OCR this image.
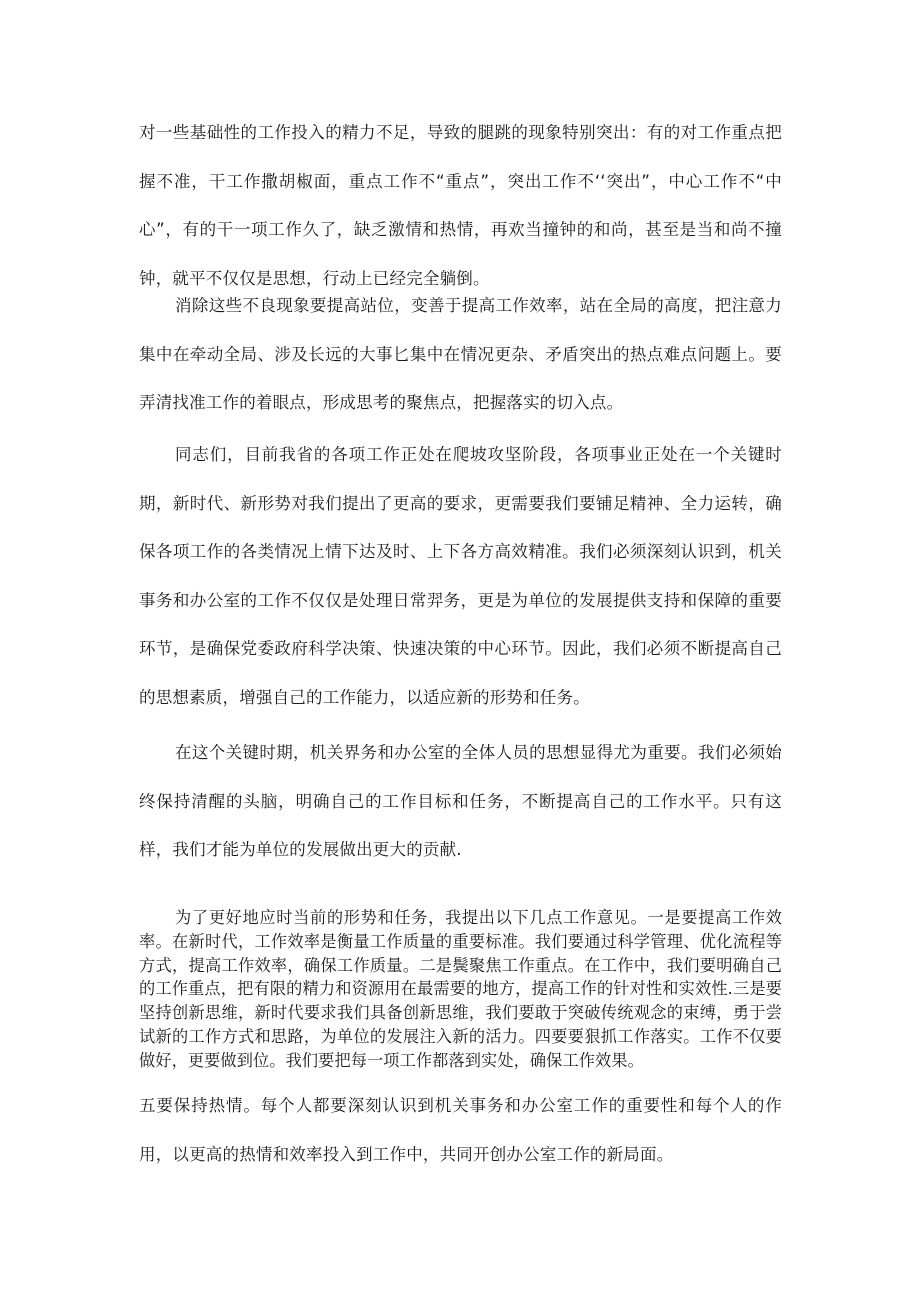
对一些基础性的工作投入的精力不足，导致的腿跳的现象特别突出：有的对工作重点把握不准，干工作撒胡椒面，重点工作不“重点”，突出工作不‘‘突出”，中心工作不“中心”，有的干一项工作久了，缺乏激情和热情，再欢当撞钟的和尚，甚至是当和尚不撞钟，就平不仅仅是思想，行动上已经完全躺倒。

消除这些不良现象要提高站位，变善于提高工作效率，站在全局的高度，把注意力集中在牵动全局、涉及长远的大事匕集中在情况更杂、矛盾突出的热点难点问题上。要弄清找准工作的着眼点，形成思考的聚焦点，把握落实的切入点。

同志们，目前我省的各项工作正处在爬坡攻坚阶段，各项事业正处在一个关键时期，新时代、新形势对我们提出了更高的要求，更需要我们要铺足精神、全力运转，确保各项工作的各类情况上情下达及时、上下各方高效精准。我们必须深刻认识到，机关事务和办公室的工作不仅仅是处理日常羿务，更是为单位的发展提供支持和保障的重要环节，是确保党委政府科学决策、快速决策的中心环节。因此，我们必须不断提高自己的思想素质，增强自己的工作能力，以适应新的形势和任务。

在这个关键时期，机关界务和办公室的全体人员的思想显得尤为重要。我们必须始终保持清醒的头脑，明确自己的工作目标和任务，不断提高自己的工作水平。只有这样，我们才能为单位的发展做出更大的贡献.

为了更好地应时当前的形势和任务，我提出以下几点工作意见。一是要提高工作效率。在新时代，工作效率是衡量工作质量的重要标准。我们要通过科学管理、优化流程等方式，提高工作效率，确保工作质量。二是鬓聚焦工作重点。在工作中，我们要明确自己的工作重点，把有限的精力和资源用在最需要的地方，提高工作的针对性和实效性.三是要坚持创新思维，新时代要求我们具备创新思维，我们要敢于突破传统观念的束缚，勇于尝试新的工作方式和思路，为单位的发展注入新的活力。四要要狠抓工作落实。工作不仅要做好，更要做到位。我们要把每一项工作都落到实处，确保工作效果。

五要保持热情。每个人都要深刻认识到机关事务和办公室工作的重要性和每个人的作用，以更高的热情和效率投入到工作中，共同开创办公室工作的新局面。
